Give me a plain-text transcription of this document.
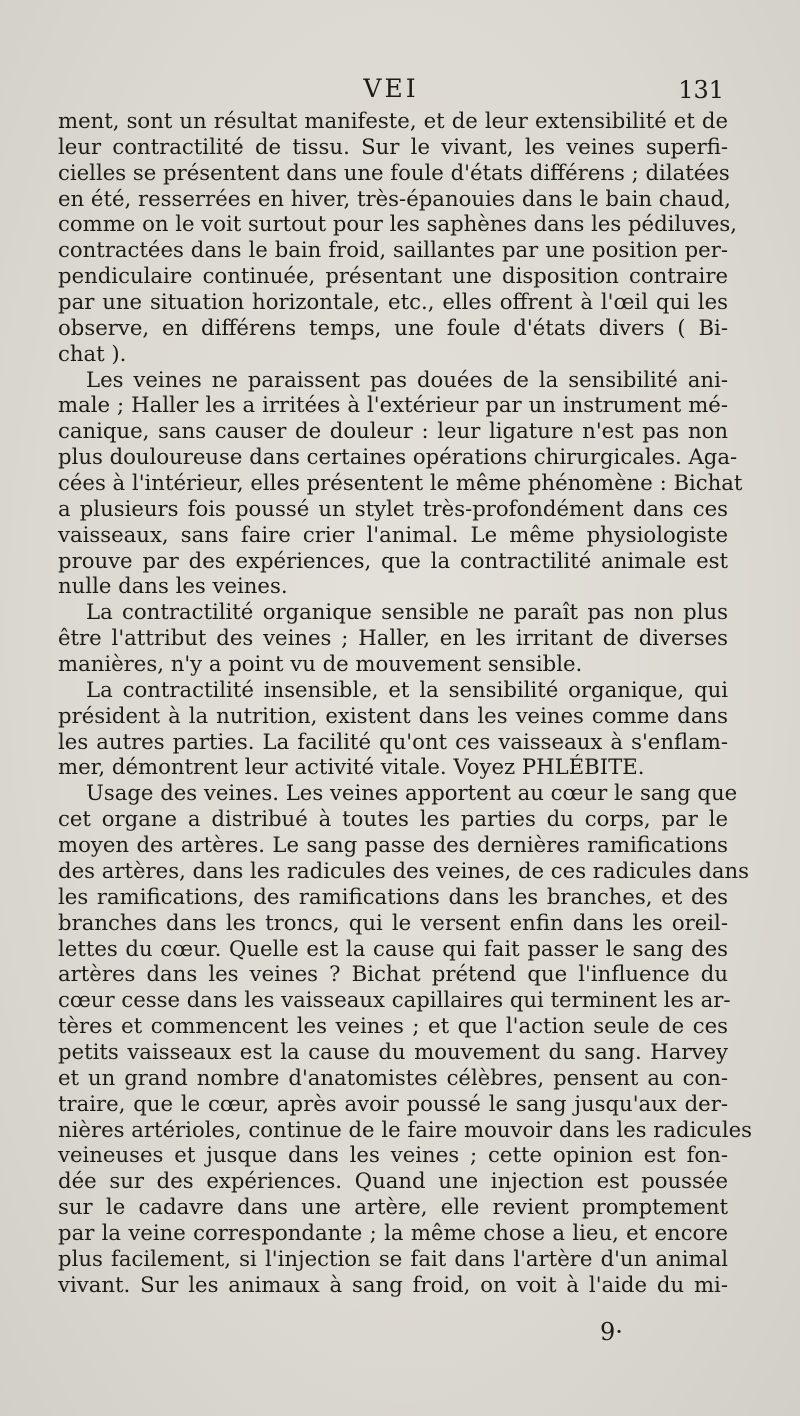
VEI	131
ment, sont un résultat manifeste, et de leur extensibilité et de
leur contractilité de tissu. Sur le vivant, les veines superfi-
cielles se présentent dans une foule d'états différens ; dilatées
en été, resserrées en hiver, très-épanouies dans le bain chaud,
comme on le voit surtout pour les saphènes dans les pédiluves,
contractées dans le bain froid, saillantes par une position per-
pendiculaire continuée, présentant une disposition contraire
par une situation horizontale, etc., elles offrent à l'œil qui les
observe, en différens temps, une foule d'états divers ( Bi-
chat ).
Les veines ne paraissent pas douées de la sensibilité ani-
male ; Haller les a irritées à l'extérieur par un instrument mé-
canique, sans causer de douleur : leur ligature n'est pas non
plus douloureuse dans certaines opérations chirurgicales. Aga-
cées à l'intérieur, elles présentent le même phénomène : Bichat
a plusieurs fois poussé un stylet très-profondément dans ces
vaisseaux, sans faire crier l'animal. Le même physiologiste
prouve par des expériences, que la contractilité animale est
nulle dans les veines.
La contractilité organique sensible ne paraît pas non plus
être l'attribut des veines ; Haller, en les irritant de diverses
manières, n'y a point vu de mouvement sensible.
La contractilité insensible, et la sensibilité organique, qui
président à la nutrition, existent dans les veines comme dans
les autres parties. La facilité qu'ont ces vaisseaux à s'enflam-
mer, démontrent leur activité vitale. Voyez PHLÉBITE.
Usage des veines. Les veines apportent au cœur le sang que
cet organe a distribué à toutes les parties du corps, par le
moyen des artères. Le sang passe des dernières ramifications
des artères, dans les radicules des veines, de ces radicules dans
les ramifications, des ramifications dans les branches, et des
branches dans les troncs, qui le versent enfin dans les oreil-
lettes du cœur. Quelle est la cause qui fait passer le sang des
artères dans les veines ? Bichat prétend que l'influence du
cœur cesse dans les vaisseaux capillaires qui terminent les ar-
tères et commencent les veines ; et que l'action seule de ces
petits vaisseaux est la cause du mouvement du sang. Harvey
et un grand nombre d'anatomistes célèbres, pensent au con-
traire, que le cœur, après avoir poussé le sang jusqu'aux der-
nières artérioles, continue de le faire mouvoir dans les radicules
veineuses et jusque dans les veines ; cette opinion est fon-
dée sur des expériences. Quand une injection est poussée
sur le cadavre dans une artère, elle revient promptement
par la veine correspondante ; la même chose a lieu, et encore
plus facilement, si l'injection se fait dans l'artère d'un animal
vivant. Sur les animaux à sang froid, on voit à l'aide du mi-
9·
